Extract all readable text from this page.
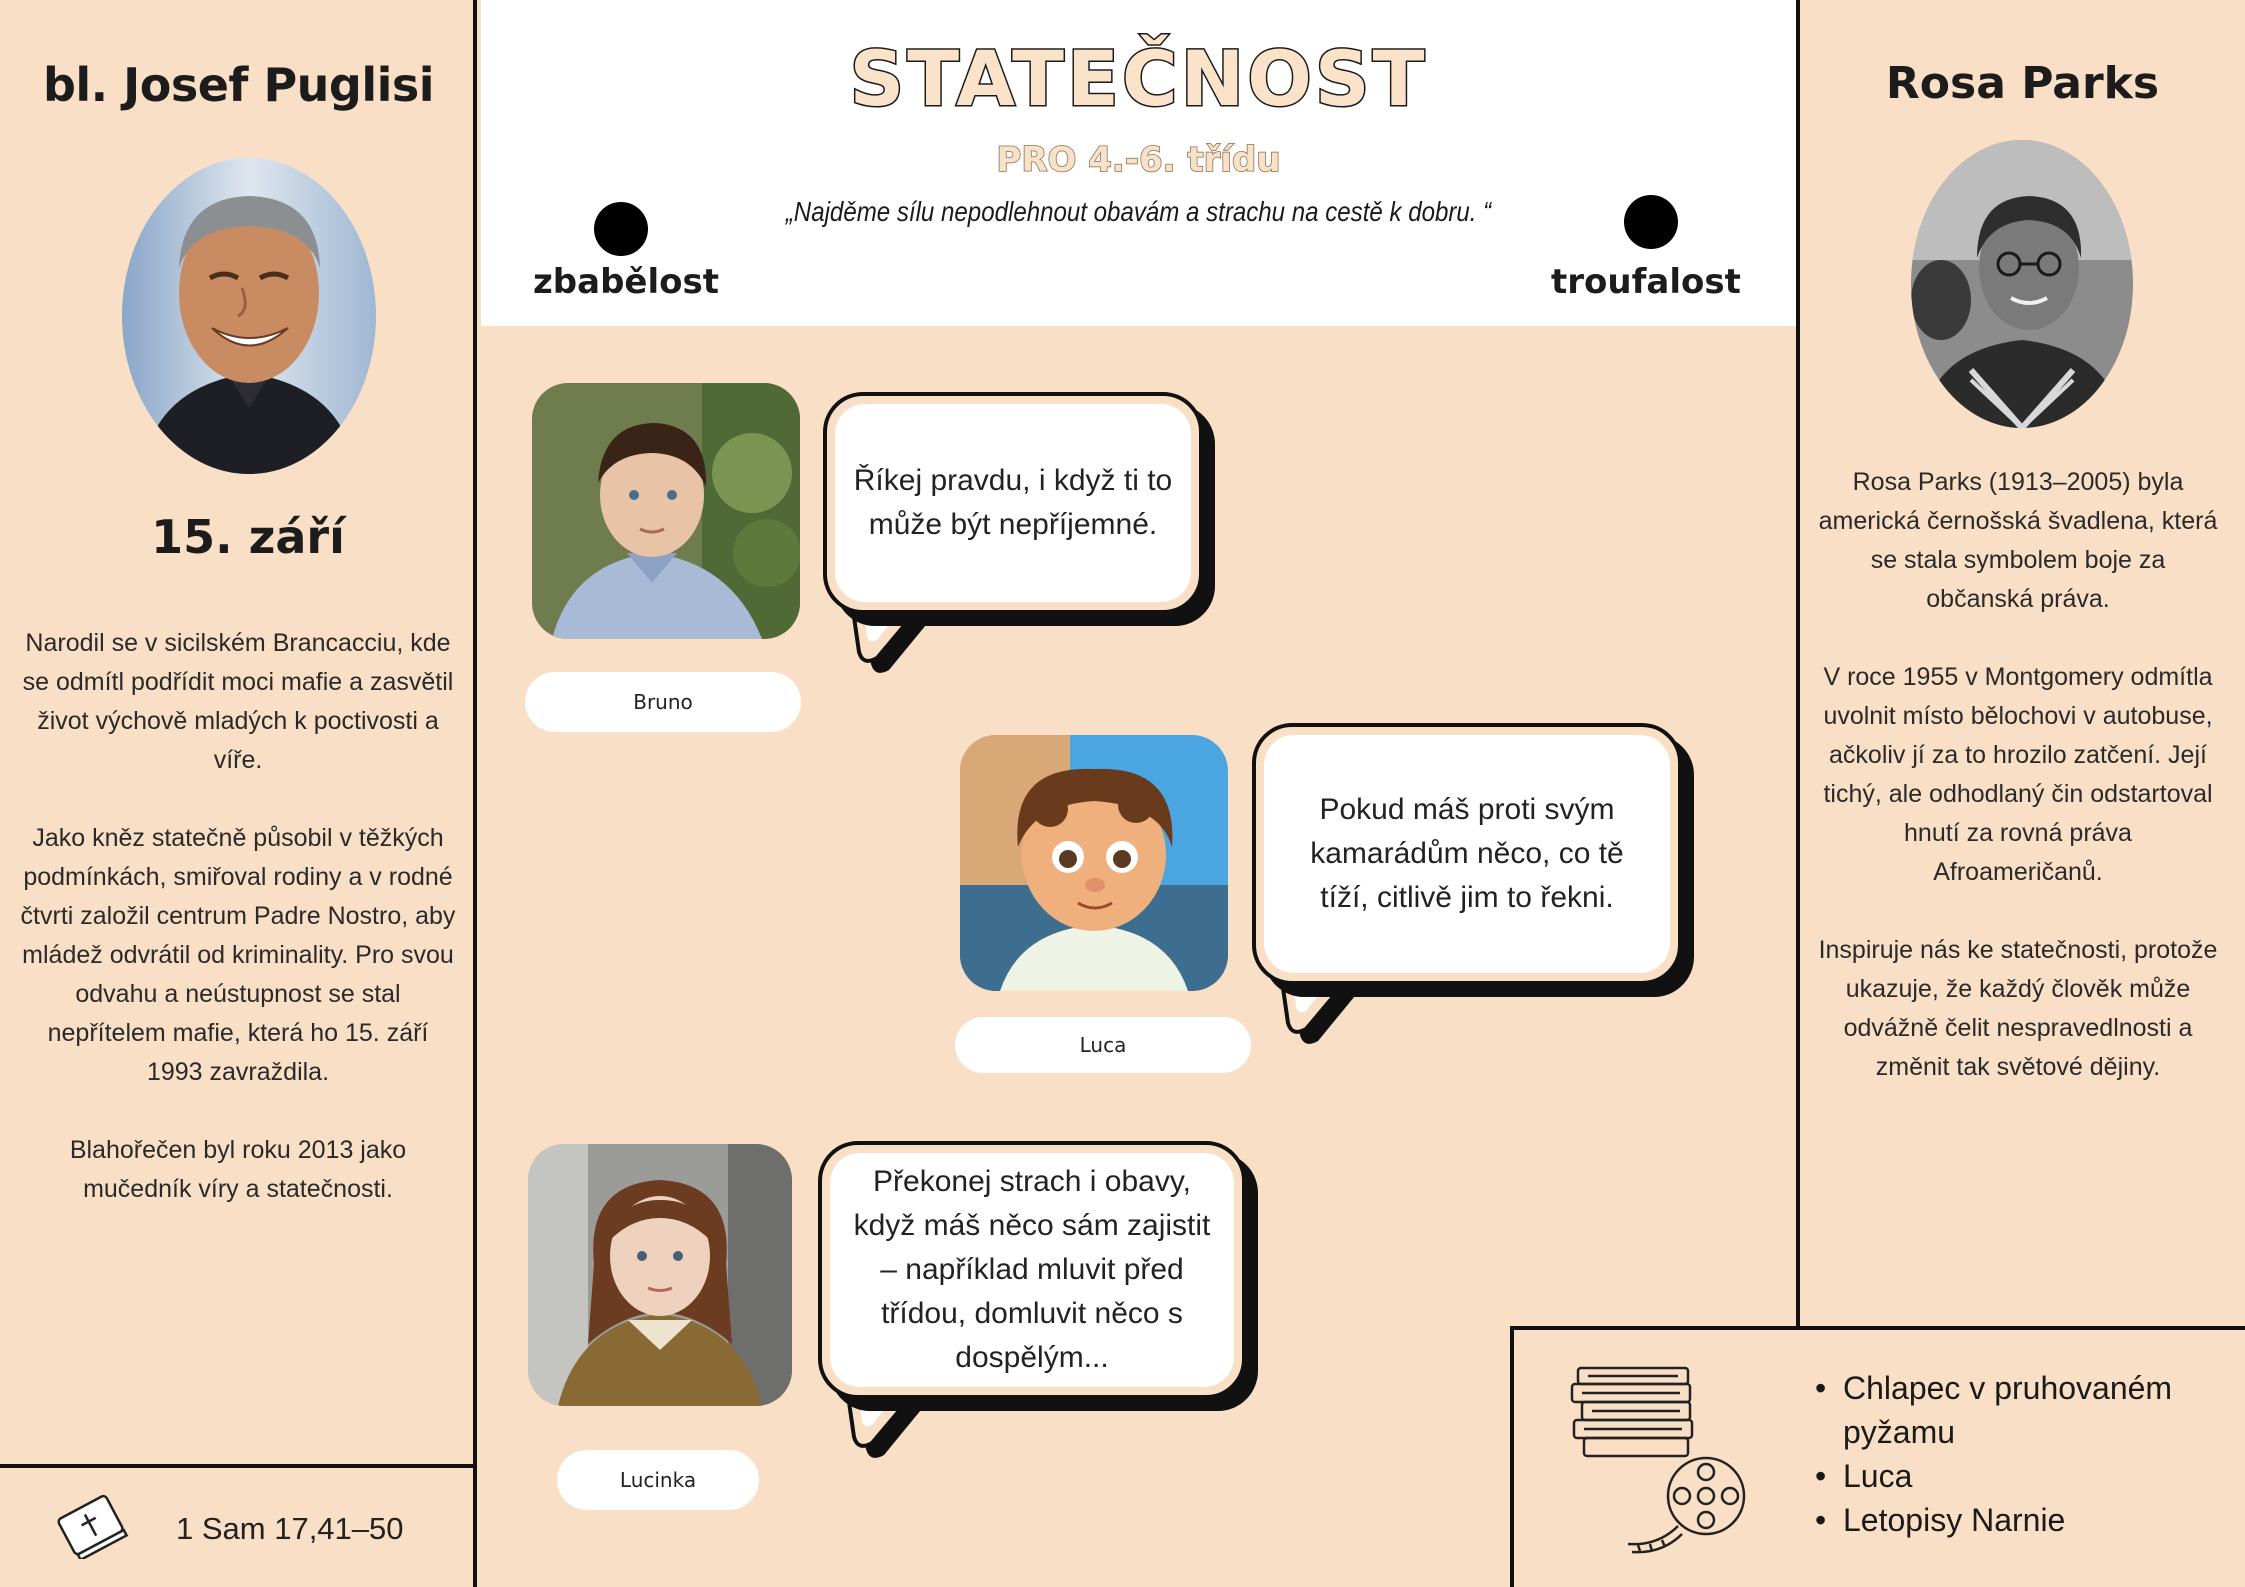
bl. Josef Puglisi
15. září

Narodil se v sicilském Brancacciu, kde se odmítl podřídit moci mafie a zasvětil život výchově mladých k poctivosti a víře.

Jako kněz statečně působil v těžkých podmínkách, smiřoval rodiny a v rodné čtvrti založil centrum Padre Nostro, aby mládež odvrátil od kriminality. Pro svou odvahu a neústupnost se stal nepřítelem mafie, která ho 15. září 1993 zavraždila.

Blahořečen byl roku 2013 jako mučedník víry a statečnosti.

1 Sam 17,41–50
STATEČNOST
PRO 4.-6. třídu
„Najděme sílu nepodlehnout obavám a strachu na cestě k dobru. “
zbabělost	troufalost
Bruno
Říkej pravdu, i když ti to může být nepříjemné.
Luca
Pokud máš proti svým kamarádům něco, co tě tíží, citlivě jim to řekni.
Lucinka
Překonej strach i obavy, když máš něco sám zajistit – například mluvit před třídou, domluvit něco s dospělým...
Rosa Parks

Rosa Parks (1913–2005) byla americká černošská švadlena, která se stala symbolem boje za občanská práva.

V roce 1955 v Montgomery odmítla uvolnit místo bělochovi v autobuse, ačkoliv jí za to hrozilo zatčení. Její tichý, ale odhodlaný čin odstartoval hnutí za rovná práva Afroameričanů.

Inspiruje nás ke statečnosti, protože ukazuje, že každý člověk může odvážně čelit nespravedlnosti a změnit tak světové dějiny.

• Chlapec v pruhovaném pyžamu
• Luca
• Letopisy Narnie
